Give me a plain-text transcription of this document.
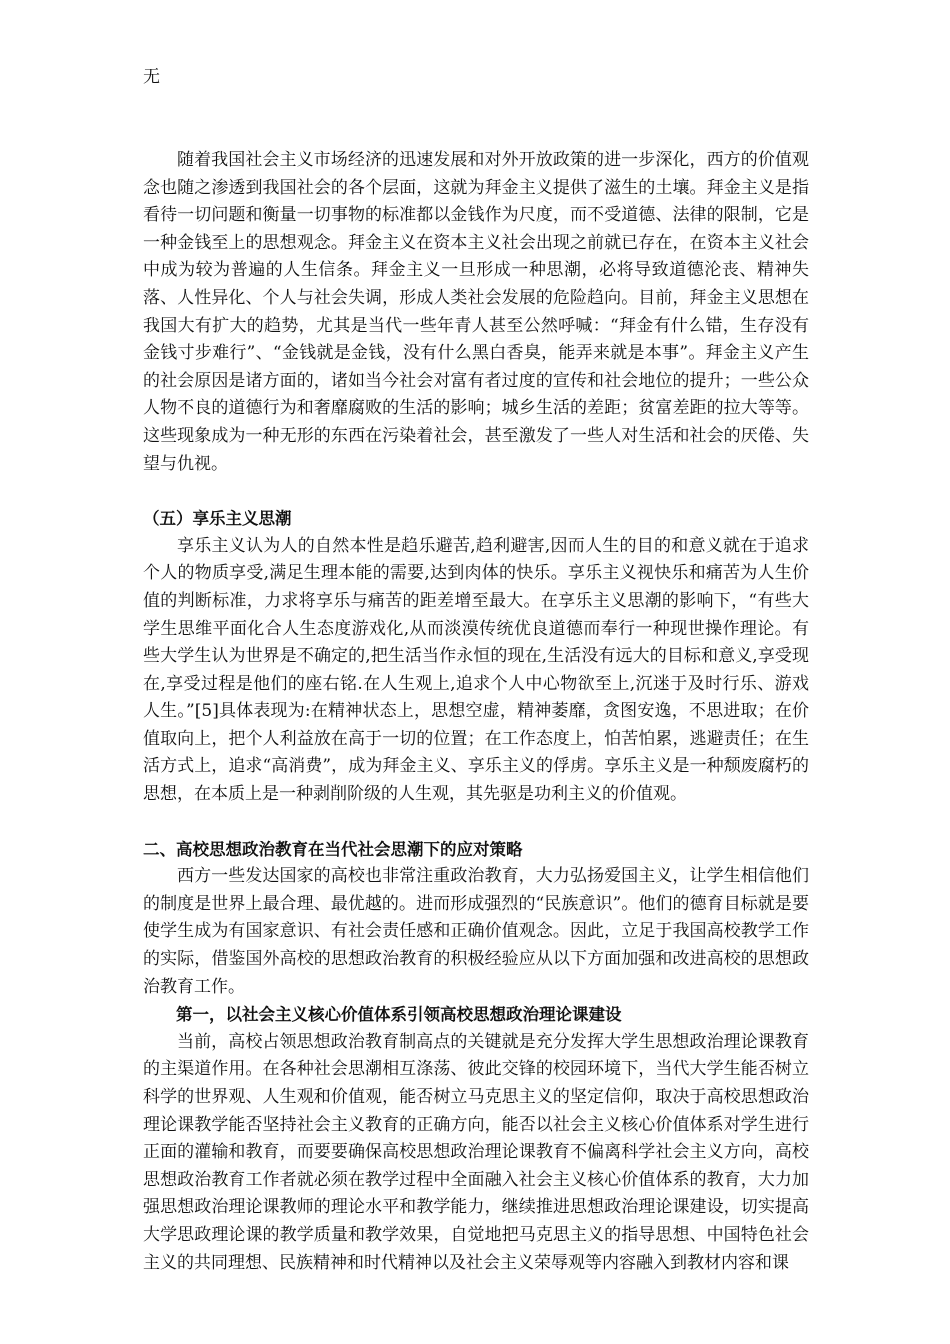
无

随着我国社会主义市场经济的迅速发展和对外开放政策的进一步深化，西方的价值观念也随之渗透到我国社会的各个层面，这就为拜金主义提供了滋生的土壤。拜金主义是指看待一切问题和衡量一切事物的标准都以金钱作为尺度，而不受道德、法律的限制，它是一种金钱至上的思想观念。拜金主义在资本主义社会出现之前就已存在，在资本主义社会中成为较为普遍的人生信条。拜金主义一旦形成一种思潮，必将导致道德沦丧、精神失落、人性异化、个人与社会失调，形成人类社会发展的危险趋向。目前，拜金主义思想在我国大有扩大的趋势，尤其是当代一些年青人甚至公然呼喊：“拜金有什么错，生存没有金钱寸步难行”、“金钱就是金钱，没有什么黑白香臭，能弄来就是本事”。拜金主义产生的社会原因是诸方面的，诸如当今社会对富有者过度的宣传和社会地位的提升；一些公众人物不良的道德行为和奢靡腐败的生活的影响；城乡生活的差距；贫富差距的拉大等等。这些现象成为一种无形的东西在污染着社会，甚至激发了一些人对生活和社会的厌倦、失望与仇视。

（五）享乐主义思潮

享乐主义认为人的自然本性是趋乐避苦,趋利避害,因而人生的目的和意义就在于追求个人的物质享受,满足生理本能的需要,达到肉体的快乐。享乐主义视快乐和痛苦为人生价值的判断标准，力求将享乐与痛苦的距差增至最大。在享乐主义思潮的影响下，“有些大学生思维平面化合人生态度游戏化,从而淡漠传统优良道德而奉行一种现世操作理论。有些大学生认为世界是不确定的,把生活当作永恒的现在,生活没有远大的目标和意义,享受现在,享受过程是他们的座右铭.在人生观上,追求个人中心物欲至上,沉迷于及时行乐、游戏人生。”[5]具体表现为:在精神状态上，思想空虚，精神萎靡，贪图安逸，不思进取；在价值取向上，把个人利益放在高于一切的位置；在工作态度上，怕苦怕累，逃避责任；在生活方式上，追求“高消费”，成为拜金主义、享乐主义的俘虏。享乐主义是一种颓废腐朽的思想，在本质上是一种剥削阶级的人生观，其先驱是功利主义的价值观。

二、高校思想政治教育在当代社会思潮下的应对策略

西方一些发达国家的高校也非常注重政治教育，大力弘扬爱国主义，让学生相信他们的制度是世界上最合理、最优越的。进而形成强烈的“民族意识”。他们的德育目标就是要使学生成为有国家意识、有社会责任感和正确价值观念。因此，立足于我国高校教学工作的实际，借鉴国外高校的思想政治教育的积极经验应从以下方面加强和改进高校的思想政治教育工作。

第一，以社会主义核心价值体系引领高校思想政治理论课建设

当前，高校占领思想政治教育制高点的关键就是充分发挥大学生思想政治理论课教育的主渠道作用。在各种社会思潮相互涤荡、彼此交锋的校园环境下，当代大学生能否树立科学的世界观、人生观和价值观，能否树立马克思主义的坚定信仰，取决于高校思想政治理论课教学能否坚持社会主义教育的正确方向，能否以社会主义核心价值体系对学生进行正面的灌输和教育，而要要确保高校思想政治理论课教育不偏离科学社会主义方向，高校思想政治教育工作者就必须在教学过程中全面融入社会主义核心价值体系的教育，大力加强思想政治理论课教师的理论水平和教学能力，继续推进思想政治理论课建设，切实提高大学思政理论课的教学质量和教学效果，自觉地把马克思主义的指导思想、中国特色社会主义的共同理想、民族精神和时代精神以及社会主义荣辱观等内容融入到教材内容和课
